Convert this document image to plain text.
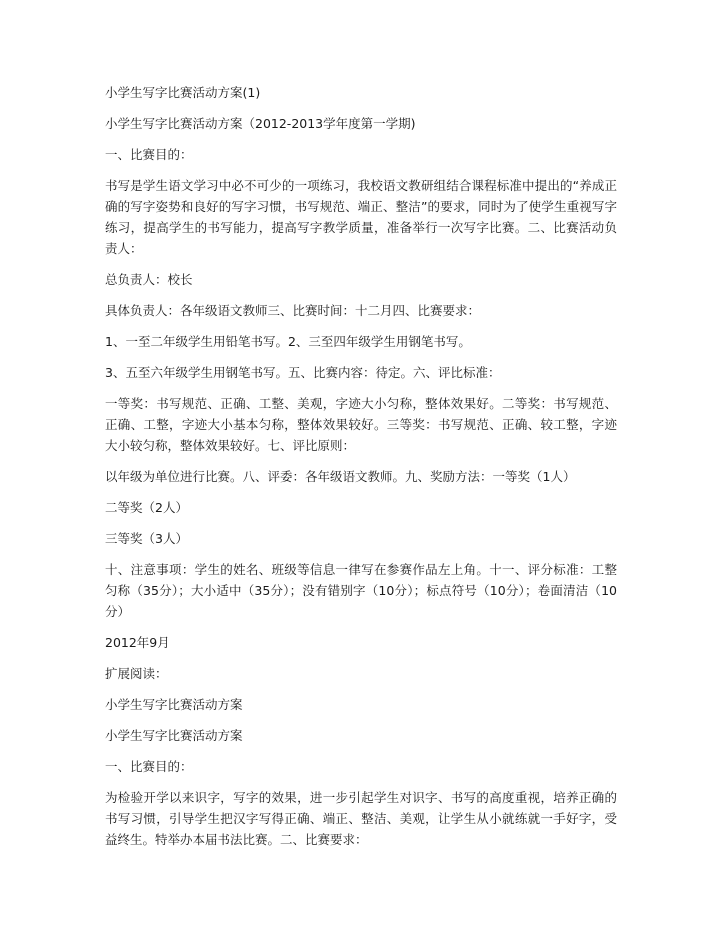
小学生写字比赛活动方案(1)

小学生写字比赛活动方案（2012-2013学年度第一学期)

一、比赛目的：

书写是学生语文学习中必不可少的一项练习，我校语文教研组结合课程标准中提出的“养成正确的写字姿势和良好的写字习惯，书写规范、端正、整洁”的要求，同时为了使学生重视写字练习，提高学生的书写能力，提高写字教学质量，准备举行一次写字比赛。二、比赛活动负责人：

总负责人：校长

具体负责人：各年级语文教师三、比赛时间：十二月四、比赛要求：

1、一至二年级学生用铅笔书写。2、三至四年级学生用钢笔书写。

3、五至六年级学生用钢笔书写。五、比赛内容：待定。六、评比标准：

一等奖：书写规范、正确、工整、美观，字迹大小匀称，整体效果好。二等奖：书写规范、正确、工整，字迹大小基本匀称，整体效果较好。三等奖：书写规范、正确、较工整，字迹大小较匀称，整体效果较好。七、评比原则：

以年级为单位进行比赛。八、评委：各年级语文教师。九、奖励方法：一等奖（1人）

二等奖（2人）

三等奖（3人）

十、注意事项：学生的姓名、班级等信息一律写在参赛作品左上角。十一、评分标准：工整匀称（35分）；大小适中（35分）；没有错别字（10分）；标点符号（10分）；卷面清洁（10分）

2012年9月

扩展阅读：

小学生写字比赛活动方案

小学生写字比赛活动方案

一、比赛目的：

为检验开学以来识字，写字的效果，进一步引起学生对识字、书写的高度重视，培养正确的书写习惯，引导学生把汉字写得正确、端正、整洁、美观，让学生从小就练就一手好字，受益终生。特举办本届书法比赛。二、比赛要求：
